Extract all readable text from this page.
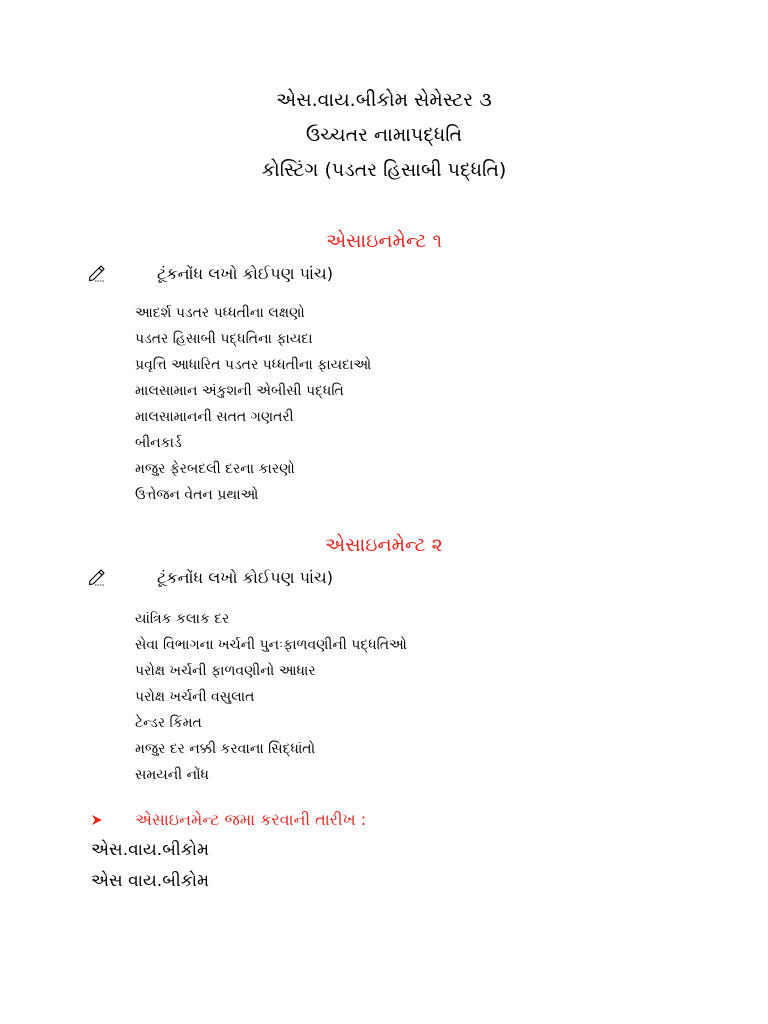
એસ.વાય.બીકોમ સેમેસ્ટર ૩
ઉચ્ચતર નામાપદ્ધતિ
કોસ્ટિંગ (પડતર હિસાબી પદ્ધતિ)
એસાઇનમેન્ટ ૧
ટૂંકનોંધ લખો કોઈપણ પાંચ)
આદર્શ પડતર પધ્ધતીના લક્ષણો
પડતર હિસાબી પદ્ધતિના ફાયદા
પ્રવૃત્તિ આધારિત પડતર પધ્ધતીના ફાયદાઓ
માલસામાન અંકુશની એબીસી પદ્ધતિ
માલસામાનની સતત ગણતરી
બીનકાર્ડ
મજુર ફેરબદલી દરના કારણો
ઉત્તેજન વેતન પ્રથાઓ
એસાઇનમેન્ટ ૨
ટૂંકનોંધ લખો કોઈપણ પાંચ)
યાંત્રિક કલાક દર
સેવા વિભાગના ખર્ચની પુનઃફાળવણીની પદ્ધતિઓ
પરોક્ષ ખર્ચની ફાળવણીનો આધાર
પરોક્ષ ખર્ચની વસુલાત
ટેન્ડર કિંમત
મજુર દર નક્કી કરવાના સિદ્ધાંતો
સમયની નોંધ
એસાઇનમેન્ટ જમા કરવાની તારીખ :
એસ.વાય.બીકોમ
એસ વાય.બીકોમ
